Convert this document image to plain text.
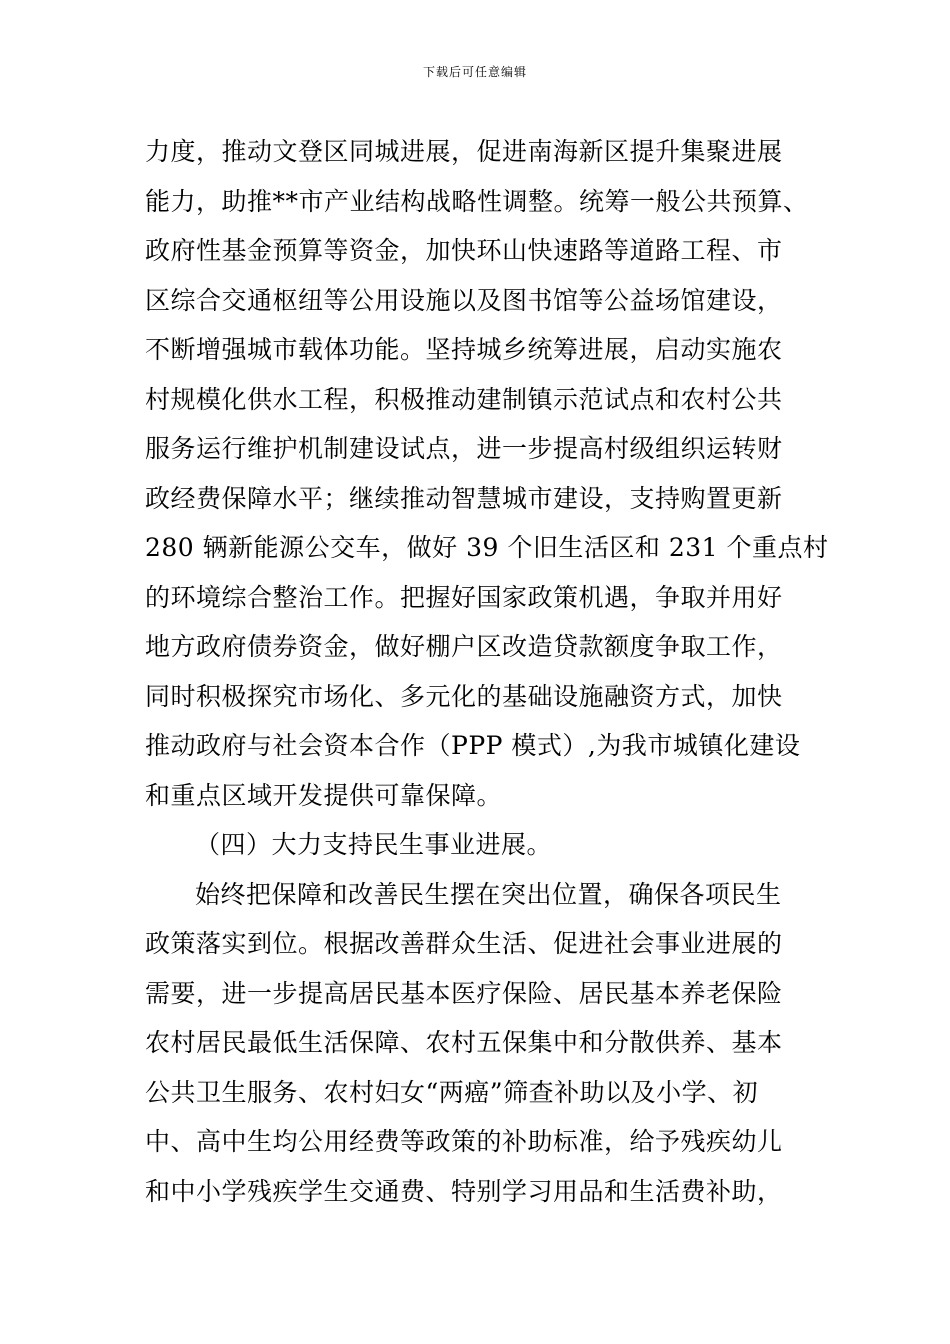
下载后可任意编辑
力度，推动文登区同城进展，促进南海新区提升集聚进展
能力，助推**市产业结构战略性调整。统筹一般公共预算、
政府性基金预算等资金，加快环山快速路等道路工程、市
区综合交通枢纽等公用设施以及图书馆等公益场馆建设，
不断增强城市载体功能。坚持城乡统筹进展，启动实施农
村规模化供水工程，积极推动建制镇示范试点和农村公共
服务运行维护机制建设试点，进一步提高村级组织运转财
政经费保障水平；继续推动智慧城市建设，支持购置更新
280 辆新能源公交车，做好 39 个旧生活区和 231 个重点村
的环境综合整治工作。把握好国家政策机遇，争取并用好
地方政府债券资金，做好棚户区改造贷款额度争取工作，
同时积极探究市场化、多元化的基础设施融资方式，加快
推动政府与社会资本合作（PPP 模式）,为我市城镇化建设
和重点区域开发提供可靠保障。
（四）大力支持民生事业进展。
始终把保障和改善民生摆在突出位置，确保各项民生
政策落实到位。根据改善群众生活、促进社会事业进展的
需要，进一步提高居民基本医疗保险、居民基本养老保险
农村居民最低生活保障、农村五保集中和分散供养、基本
公共卫生服务、农村妇女“两癌”筛查补助以及小学、初
中、高中生均公用经费等政策的补助标准，给予残疾幼儿
和中小学残疾学生交通费、特别学习用品和生活费补助，
